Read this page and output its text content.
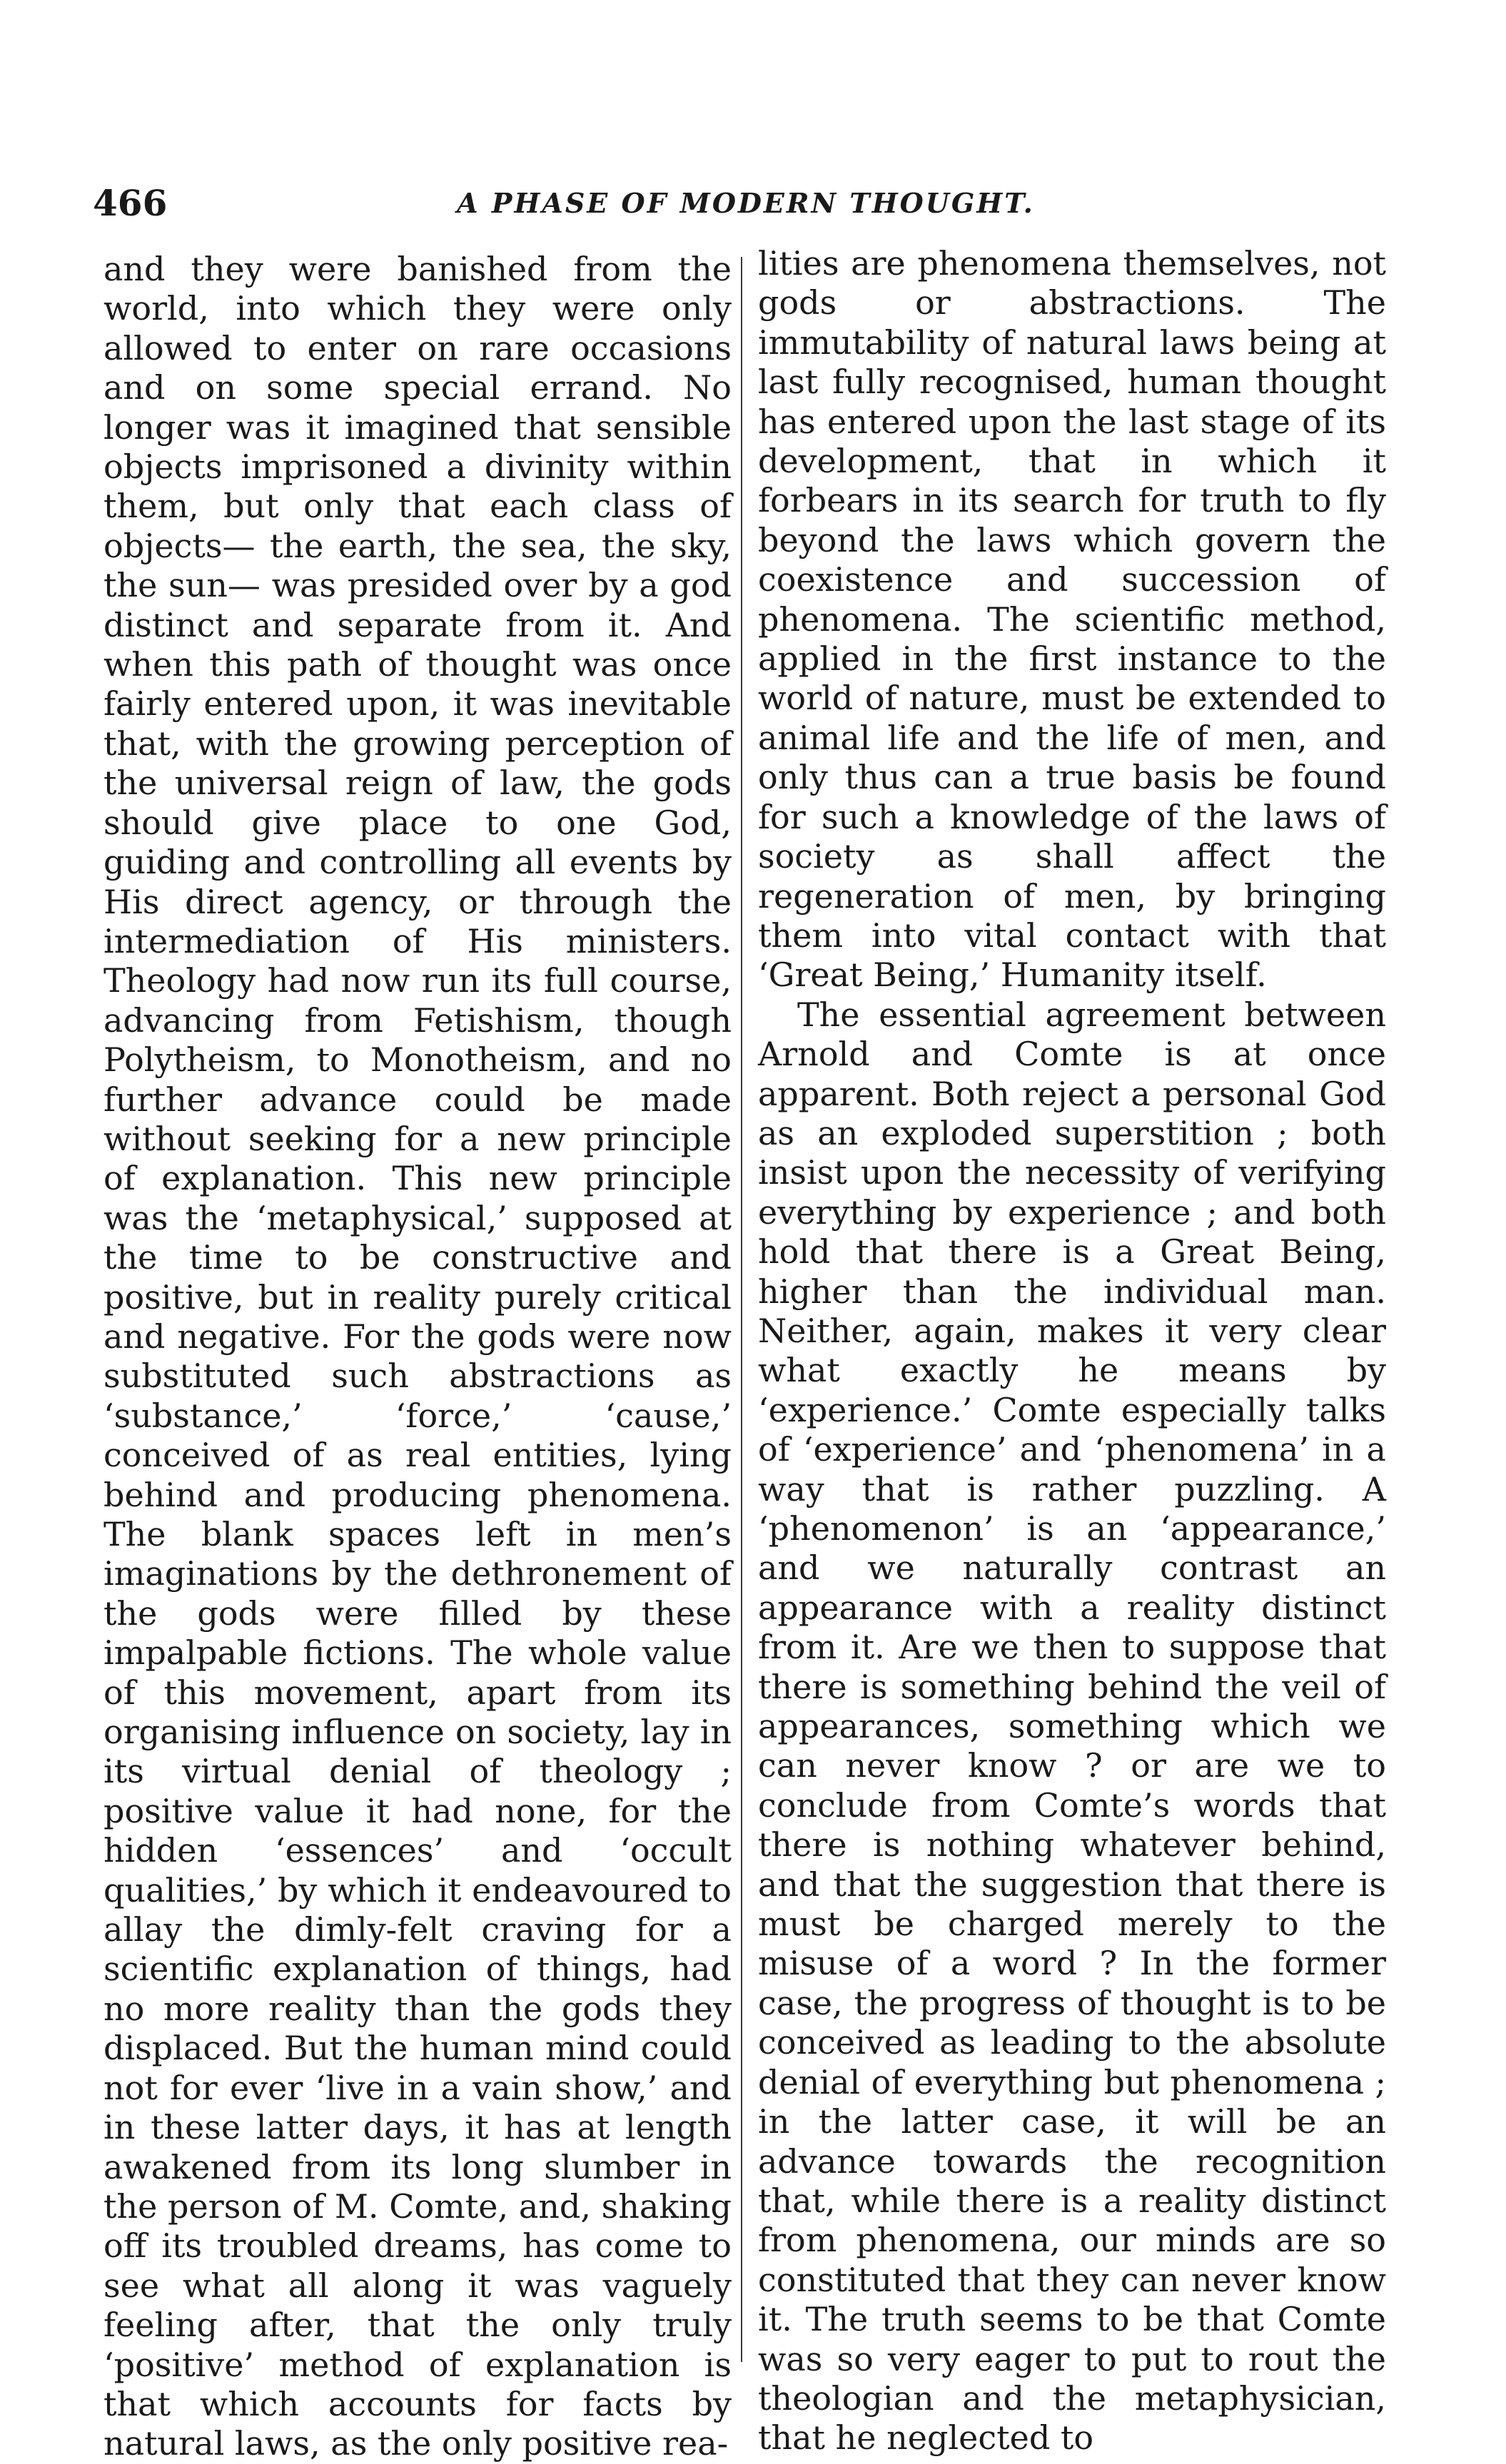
466	A PHASE OF MODERN THOUGHT.

and they were banished from the world, into which they were only allowed to enter on rare occasions and on some special errand. No longer was it imagined that sensible objects imprisoned a divinity within them, but only that each class of objects— the earth, the sea, the sky, the sun— was presided over by a god distinct and separate from it. And when this path of thought was once fairly entered upon, it was inevitable that, with the growing perception of the universal reign of law, the gods should give place to one God, guiding and controlling all events by His direct agency, or through the intermediation of His ministers. Theology had now run its full course, advancing from Fetishism, though Polytheism, to Monotheism, and no further advance could be made without seeking for a new principle of explanation. This new principle was the ‘metaphysical,’ supposed at the time to be constructive and positive, but in reality purely critical and negative. For the gods were now substituted such abstractions as ‘substance,’ ‘force,’ ‘cause,’ conceived of as real entities, lying behind and producing phenomena. The blank spaces left in men’s imaginations by the dethronement of the gods were filled by these impalpable fictions. The whole value of this movement, apart from its organising influence on society, lay in its virtual denial of theology ; positive value it had none, for the hidden ‘essences’ and ‘occult qualities,’ by which it endeavoured to allay the dimly-felt craving for a scientific explanation of things, had no more reality than the gods they displaced. But the human mind could not for ever ‘live in a vain show,’ and in these latter days, it has at length awakened from its long slumber in the person of M. Comte, and, shaking off its troubled dreams, has come to see what all along it was vaguely feeling after, that the only truly ‘positive’ method of explanation is that which accounts for facts by natural laws, as the only positive rea-

lities are phenomena themselves, not gods or abstractions. The immutability of natural laws being at last fully recognised, human thought has entered upon the last stage of its development, that in which it forbears in its search for truth to fly beyond the laws which govern the coexistence and succession of phenomena. The scientific method, applied in the first instance to the world of nature, must be extended to animal life and the life of men, and only thus can a true basis be found for such a knowledge of the laws of society as shall affect the regeneration of men, by bringing them into vital contact with that ‘Great Being,’ Humanity itself.

The essential agreement between Arnold and Comte is at once apparent. Both reject a personal God as an exploded superstition ; both insist upon the necessity of verifying everything by experience ; and both hold that there is a Great Being, higher than the individual man. Neither, again, makes it very clear what exactly he means by ‘experience.’ Comte especially talks of ‘experience’ and ‘phenomena’ in a way that is rather puzzling. A ‘phenomenon’ is an ‘appearance,’ and we naturally contrast an appearance with a reality distinct from it. Are we then to suppose that there is something behind the veil of appearances, something which we can never know ? or are we to conclude from Comte’s words that there is nothing whatever behind, and that the suggestion that there is must be charged merely to the misuse of a word ? In the former case, the progress of thought is to be conceived as leading to the absolute denial of everything but phenomena ; in the latter case, it will be an advance towards the recognition that, while there is a reality distinct from phenomena, our minds are so constituted that they can never know it. The truth seems to be that Comte was so very eager to put to rout the theologian and the metaphysician, that he neglected to
